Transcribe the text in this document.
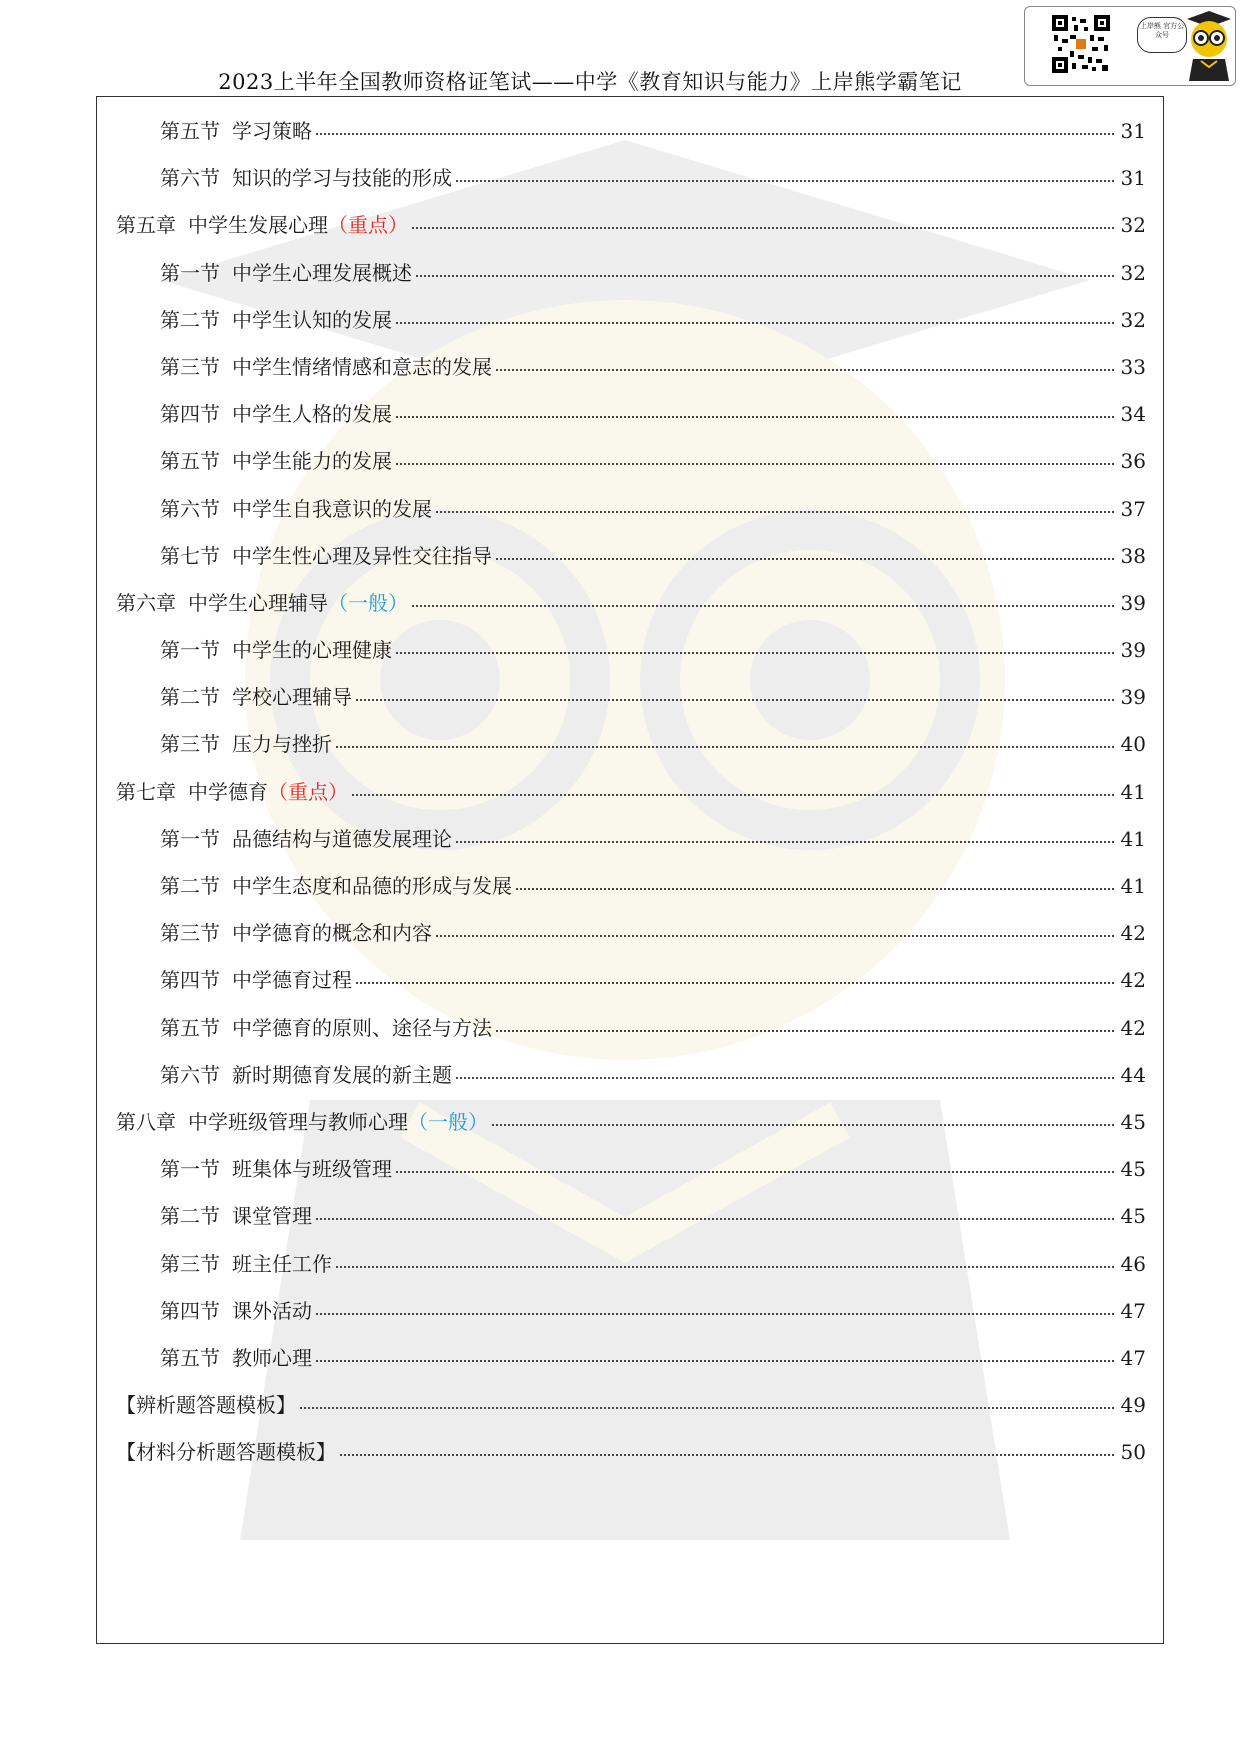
2023上半年全国教师资格证笔试——中学《教育知识与能力》上岸熊学霸笔记
上岸熊 官方公众号
第五节 学习策略	31
第六节 知识的学习与技能的形成	31
第五章 中学生发展心理 （重点）	32
第一节 中学生心理发展概述	32
第二节 中学生认知的发展	32
第三节 中学生情绪情感和意志的发展	33
第四节 中学生人格的发展	34
第五节 中学生能力的发展	36
第六节 中学生自我意识的发展	37
第七节 中学生性心理及异性交往指导	38
第六章 中学生心理辅导 （一般）	39
第一节 中学生的心理健康	39
第二节 学校心理辅导	39
第三节 压力与挫折	40
第七章 中学德育 （重点）	41
第一节 品德结构与道德发展理论	41
第二节 中学生态度和品德的形成与发展	41
第三节 中学德育的概念和内容	42
第四节 中学德育过程	42
第五节 中学德育的原则、途径与方法	42
第六节 新时期德育发展的新主题	44
第八章 中学班级管理与教师心理 （一般）	45
第一节 班集体与班级管理	45
第二节 课堂管理	45
第三节 班主任工作	46
第四节 课外活动	47
第五节 教师心理	47
【辨析题答题模板】	49
【材料分析题答题模板】	50
